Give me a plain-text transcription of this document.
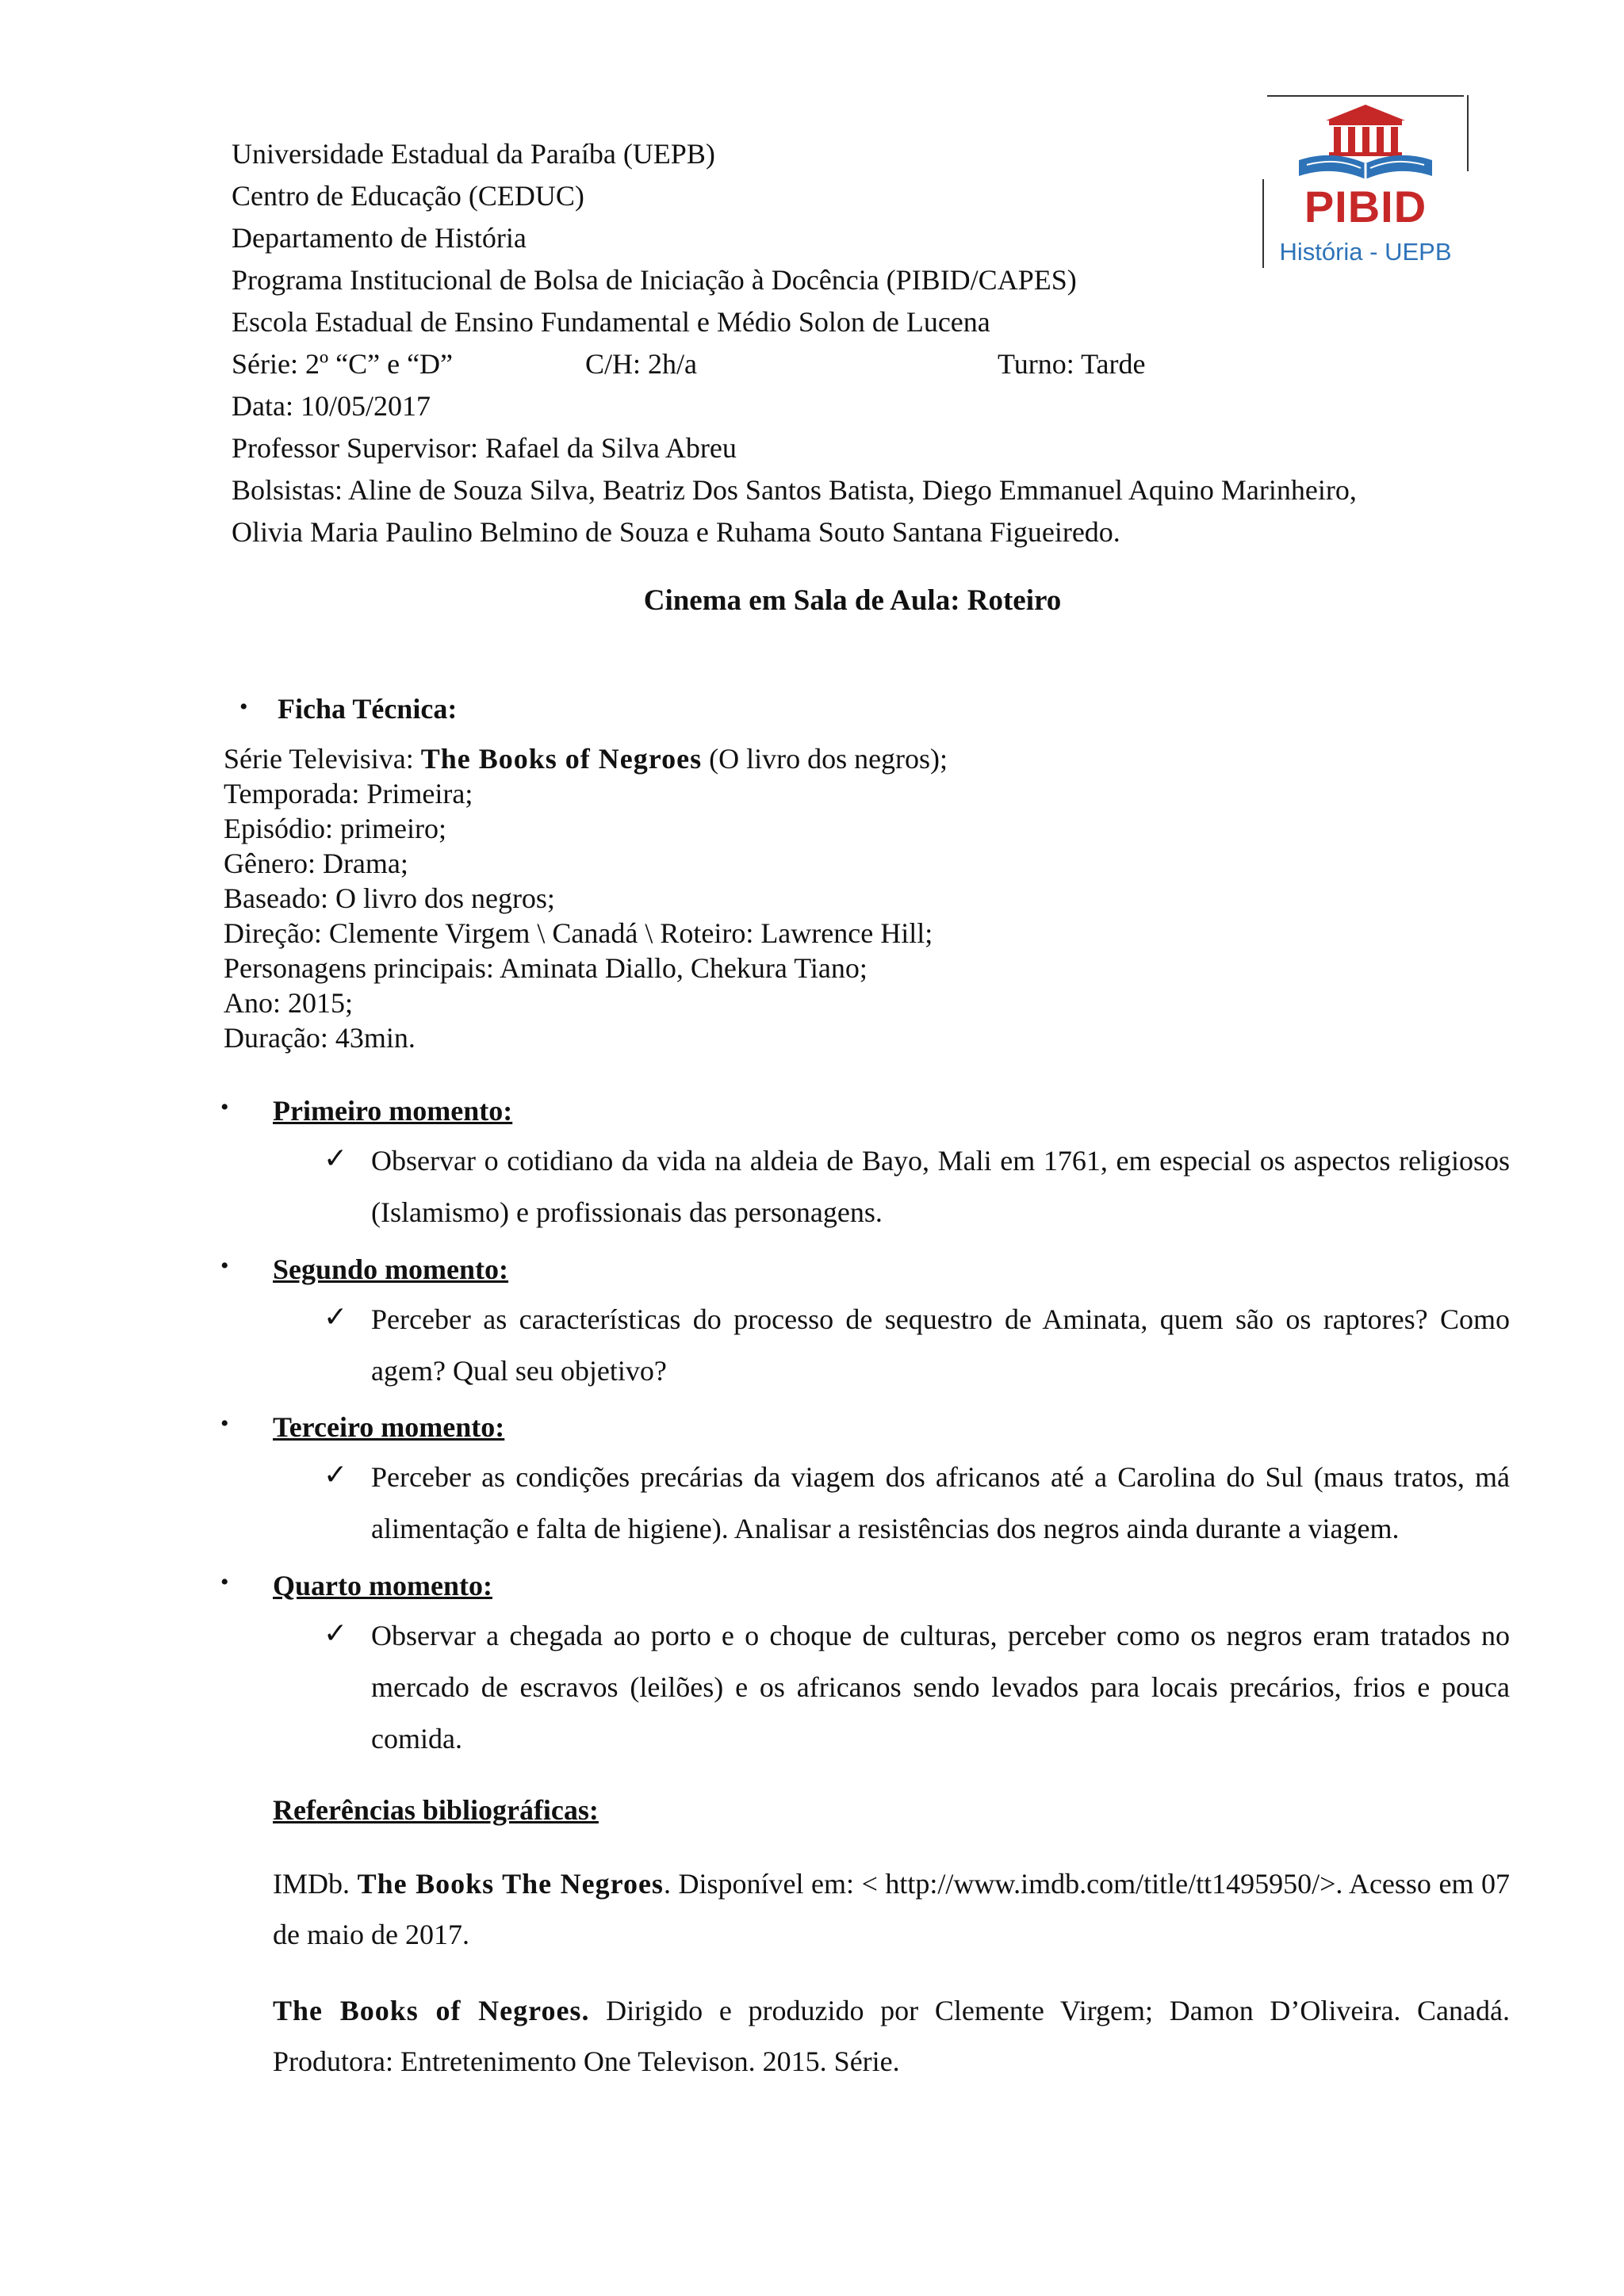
Universidade Estadual da Paraíba (UEPB)
Centro de Educação (CEDUC)
Departamento de História
Programa Institucional de Bolsa de Iniciação à Docência (PIBID/CAPES)
Escola Estadual de Ensino Fundamental e Médio Solon de Lucena
Série: 2º “C” e “D”	C/H: 2h/a	Turno: Tarde
Data: 10/05/2017
Professor Supervisor: Rafael da Silva Abreu
Bolsistas: Aline de Souza Silva, Beatriz Dos Santos Batista, Diego Emmanuel Aquino Marinheiro,
Olivia Maria Paulino Belmino de Souza e Ruhama Souto Santana Figueiredo.
PIBID
História - UEPB
Cinema em Sala de Aula: Roteiro
• Ficha Técnica:
Série Televisiva: The Books of Negroes (O livro dos negros);
Temporada: Primeira;
Episódio: primeiro;
Gênero: Drama;
Baseado: O livro dos negros;
Direção: Clemente Virgem \ Canadá \ Roteiro: Lawrence Hill;
Personagens principais: Aminata Diallo, Chekura Tiano;
Ano: 2015;
Duração: 43min.
• Primeiro momento:
✓ Observar o cotidiano da vida na aldeia de Bayo, Mali em 1761, em especial os aspectos religiosos (Islamismo) e profissionais das personagens.
• Segundo momento:
✓ Perceber as características do processo de sequestro de Aminata, quem são os raptores? Como agem? Qual seu objetivo?
• Terceiro momento:
✓ Perceber as condições precárias da viagem dos africanos até a Carolina do Sul (maus tratos, má alimentação e falta de higiene). Analisar a resistências dos negros ainda durante a viagem.
• Quarto momento:
✓ Observar a chegada ao porto e o choque de culturas, perceber como os negros eram tratados no mercado de escravos (leilões) e os africanos sendo levados para locais precários, frios e pouca comida.
Referências bibliográficas:
IMDb. The Books The Negroes. Disponível em: < http://www.imdb.com/title/tt1495950/>. Acesso em 07 de maio de 2017.
The Books of Negroes. Dirigido e produzido por Clemente Virgem; Damon D’Oliveira. Canadá. Produtora: Entretenimento One Televison. 2015. Série.
